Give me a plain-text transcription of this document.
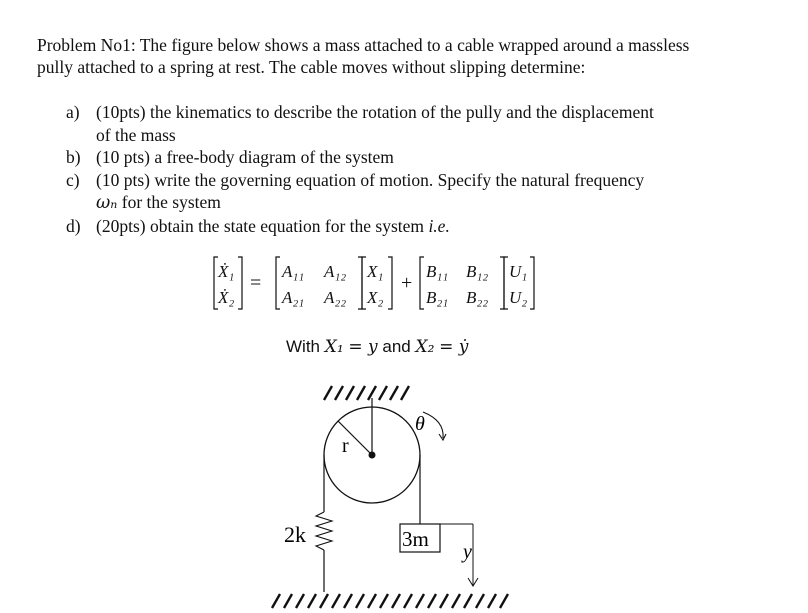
Problem No1: The figure below shows a mass attached to a cable wrapped around a massless
pully attached to a spring at rest. The cable moves without slipping determine:
a) (10pts) the kinematics to describe the rotation of the pully and the displacement
of the mass
b) (10 pts) a free-body diagram of the system
c) (10 pts) write the governing equation of motion. Specify the natural frequency
ωₙ for the system
d) (20pts) obtain the state equation for the system i.e.
Ẋ₁
Ẋ₂
=
A₁₁ A₁₂
A₂₁ A₂₂
X₁
X₂
+
B₁₁ B₁₂
B₂₁ B₂₂
U₁
U₂
With X₁ = y and X₂ = ẏ
r
θ
2k	3m
y
